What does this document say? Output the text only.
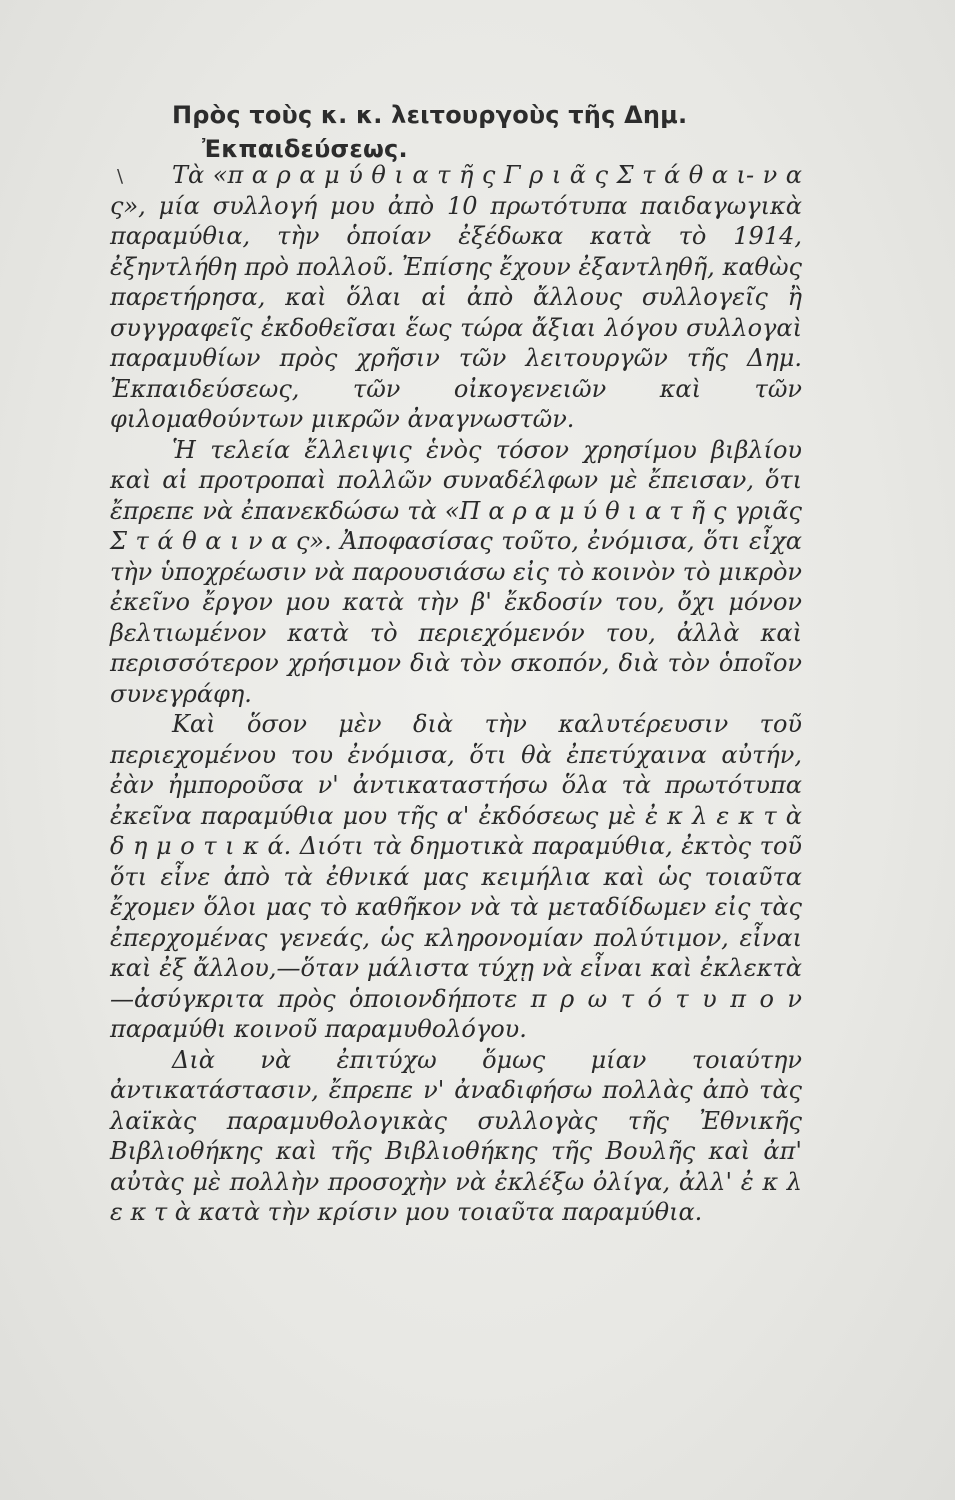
Πρὸς τοὺς κ. κ. λειτουργοὺς τῆς Δημ.
Ἐκπαιδεύσεως.
\	Τὰ «π α ρ α μ ύ θ ι α τ ῆ ς Γ ρ ι ᾶ ς Σ τ ά θ α ι- ν α ς», μία συλλογή μου ἀπὸ 10 πρωτότυπα παιδαγωγικὰ παραμύθια, τὴν ὁποίαν ἐξέδωκα κατὰ τὸ 1914, ἐξηντλήθη πρὸ πολλοῦ. Ἐπίσης ἔχουν ἐξαντληθῆ, καθὼς παρετήρησα, καὶ ὅλαι αἱ ἀπὸ ἄλλους συλλογεῖς ἢ συγγραφεῖς ἐκδοθεῖσαι ἕως τώρα ἄξιαι λόγου συλλογαὶ παραμυθίων πρὸς χρῆσιν τῶν λειτουργῶν τῆς Δημ. Ἐκπαιδεύσεως, τῶν οἰκογενειῶν καὶ τῶν φιλομαθούντων μικρῶν ἀναγνωστῶν.

Ἡ τελεία ἔλλειψις ἑνὸς τόσον χρησίμου βιβλίου καὶ αἱ προτροπαὶ πολλῶν συναδέλφων μὲ ἔπεισαν, ὅτι ἔπρεπε νὰ ἐπανεκδώσω τὰ «Π α ρ α μ ύ θ ι α τ ῆ ς γριᾶς Σ τ ά θ α ι ν α ς». Ἀποφασίσας τοῦτο, ἐνόμισα, ὅτι εἶχα τὴν ὑποχρέωσιν νὰ παρουσιάσω εἰς τὸ κοινὸν τὸ μικρὸν ἐκεῖνο ἔργον μου κατὰ τὴν β' ἔκδοσίν του, ὄχι μόνον βελτιωμένον κατὰ τὸ περιεχόμενόν του, ἀλλὰ καὶ περισσότερον χρήσιμον διὰ τὸν σκοπόν, διὰ τὸν ὁποῖον συνεγράφη.

Καὶ ὅσον μὲν διὰ τὴν καλυτέρευσιν τοῦ περιεχομένου του ἐνόμισα, ὅτι θὰ ἐπετύχαινα αὐτήν, ἐὰν ἠμποροῦσα ν' ἀντικαταστήσω ὅλα τὰ πρωτότυπα ἐκεῖνα παραμύθια μου τῆς α' ἐκδόσεως μὲ ἐ κ λ ε κ τ ὰ δ η μ ο τ ι κ ά. Διότι τὰ δημοτικὰ παραμύθια, ἐκτὸς τοῦ ὅτι εἶνε ἀπὸ τὰ ἐθνικά μας κειμήλια καὶ ὡς τοιαῦτα ἔχομεν ὅλοι μας τὸ καθῆκον νὰ τὰ μεταδίδωμεν εἰς τὰς ἐπερχομένας γενεάς, ὡς κληρονομίαν πολύτιμον, εἶναι καὶ ἐξ ἄλλου,—ὅταν μάλιστα τύχῃ νὰ εἶναι καὶ ἐκλεκτὰ—ἀσύγκριτα πρὸς ὁποιονδήποτε π ρ ω τ ό τ υ π ο ν παραμύθι κοινοῦ παραμυθολόγου.

Διὰ νὰ ἐπιτύχω ὅμως μίαν τοιαύτην ἀντικατάστασιν, ἔπρεπε ν' ἀναδιφήσω πολλὰς ἀπὸ τὰς λαϊκὰς παραμυθολογικὰς συλλογὰς τῆς Ἐθνικῆς Βιβλιοθήκης καὶ τῆς Βιβλιοθήκης τῆς Βουλῆς καὶ ἀπ' αὐτὰς μὲ πολλὴν προσοχὴν νὰ ἐκλέξω ὀλίγα, ἀλλ' ἐ κ λ ε κ τ ὰ κατὰ τὴν κρίσιν μου τοιαῦτα παραμύθια.
